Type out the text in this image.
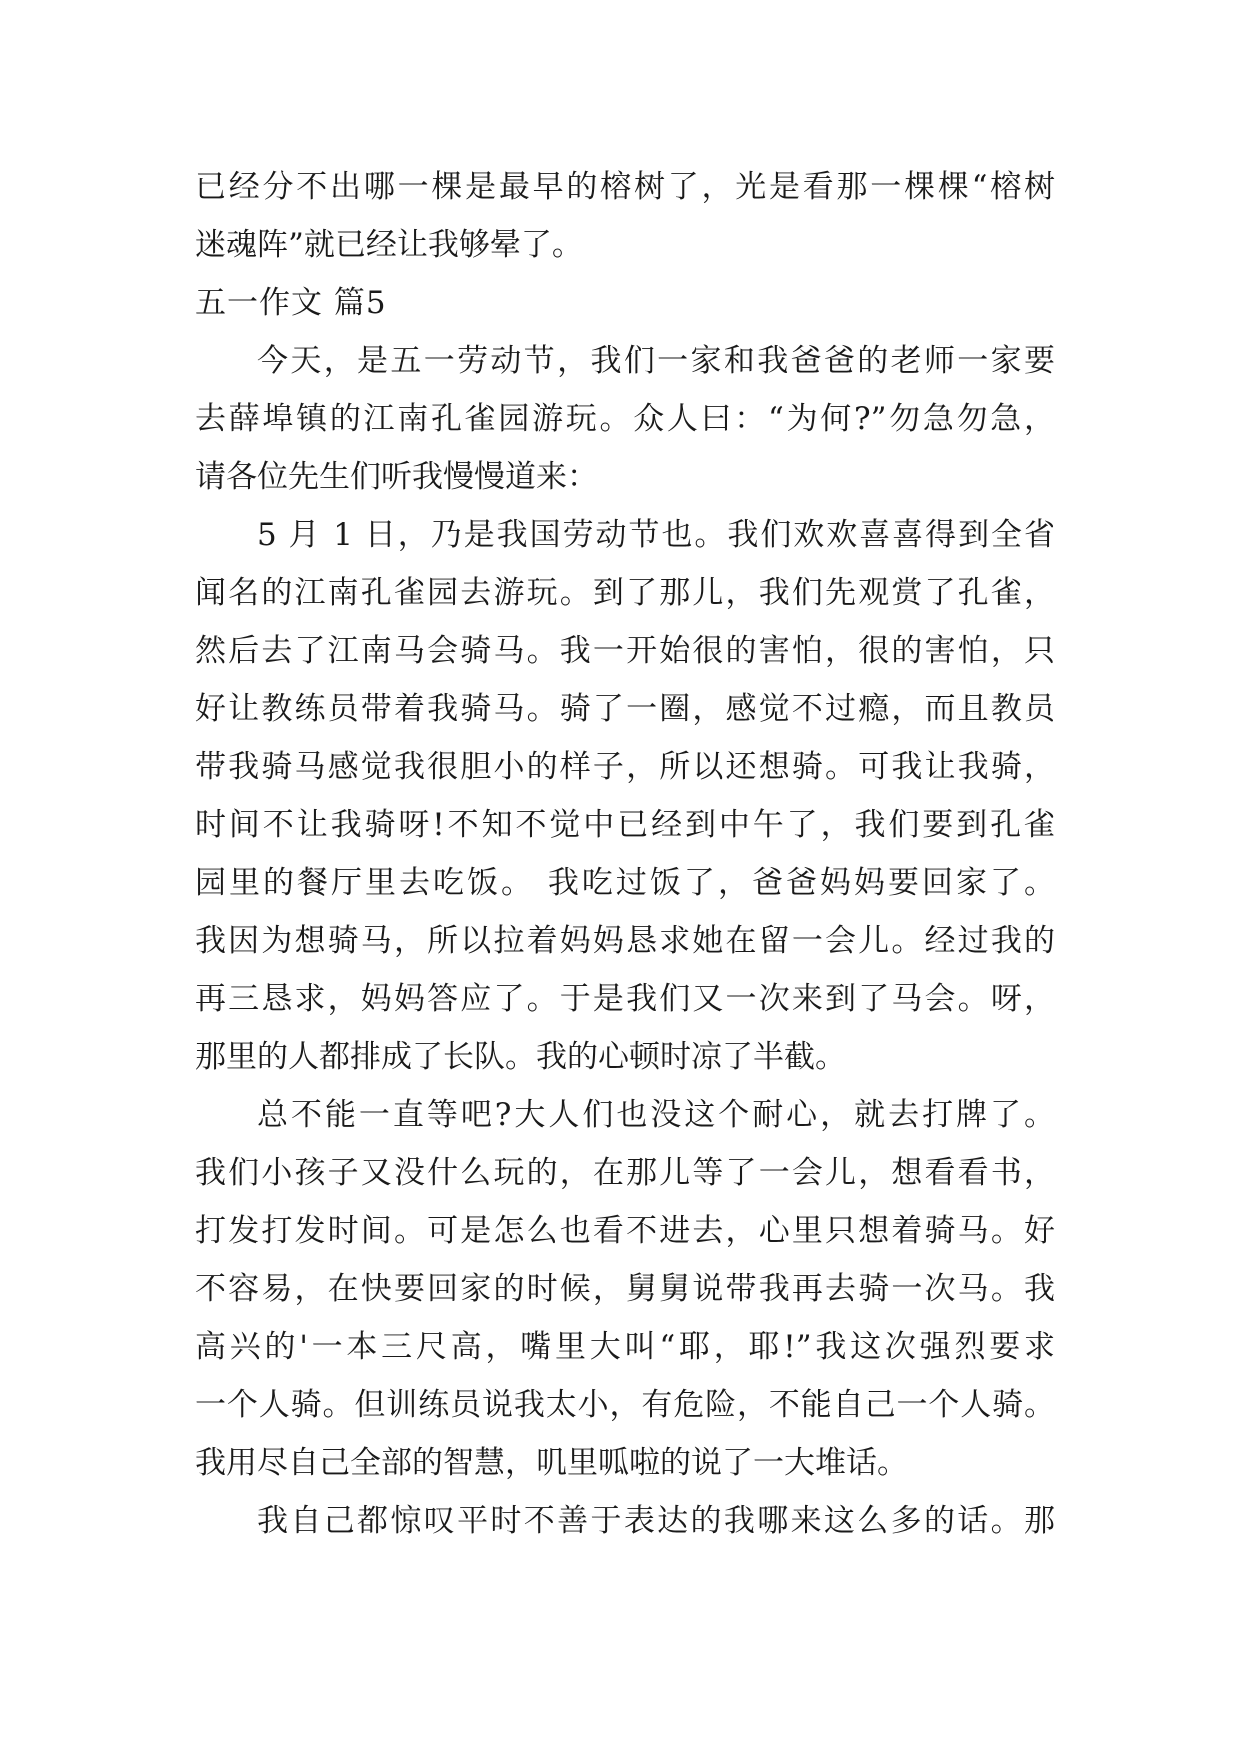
已经分不出哪一棵是最早的榕树了，光是看那一棵棵“榕树
迷魂阵”就已经让我够晕了。
五一作文 篇5
今天，是五一劳动节，我们一家和我爸爸的老师一家要
去薛埠镇的江南孔雀园游玩。众人曰：“为何?”勿急勿急，
请各位先生们听我慢慢道来：
5 月 1 日，乃是我国劳动节也。我们欢欢喜喜得到全省
闻名的江南孔雀园去游玩。到了那儿，我们先观赏了孔雀，
然后去了江南马会骑马。我一开始很的害怕，很的害怕，只
好让教练员带着我骑马。骑了一圈，感觉不过瘾，而且教员
带我骑马感觉我很胆小的样子，所以还想骑。可我让我骑，
时间不让我骑呀!不知不觉中已经到中午了，我们要到孔雀
园里的餐厅里去吃饭。 我吃过饭了，爸爸妈妈要回家了。
我因为想骑马，所以拉着妈妈恳求她在留一会儿。经过我的
再三恳求，妈妈答应了。于是我们又一次来到了马会。呀，
那里的人都排成了长队。我的心顿时凉了半截。
总不能一直等吧?大人们也没这个耐心，就去打牌了。
我们小孩子又没什么玩的，在那儿等了一会儿，想看看书，
打发打发时间。可是怎么也看不进去，心里只想着骑马。好
不容易，在快要回家的时候，舅舅说带我再去骑一次马。我
高兴的'一本三尺高，嘴里大叫“耶，耶!”我这次强烈要求
一个人骑。但训练员说我太小，有危险，不能自己一个人骑。
我用尽自己全部的智慧，叽里呱啦的说了一大堆话。
我自己都惊叹平时不善于表达的我哪来这么多的话。那
